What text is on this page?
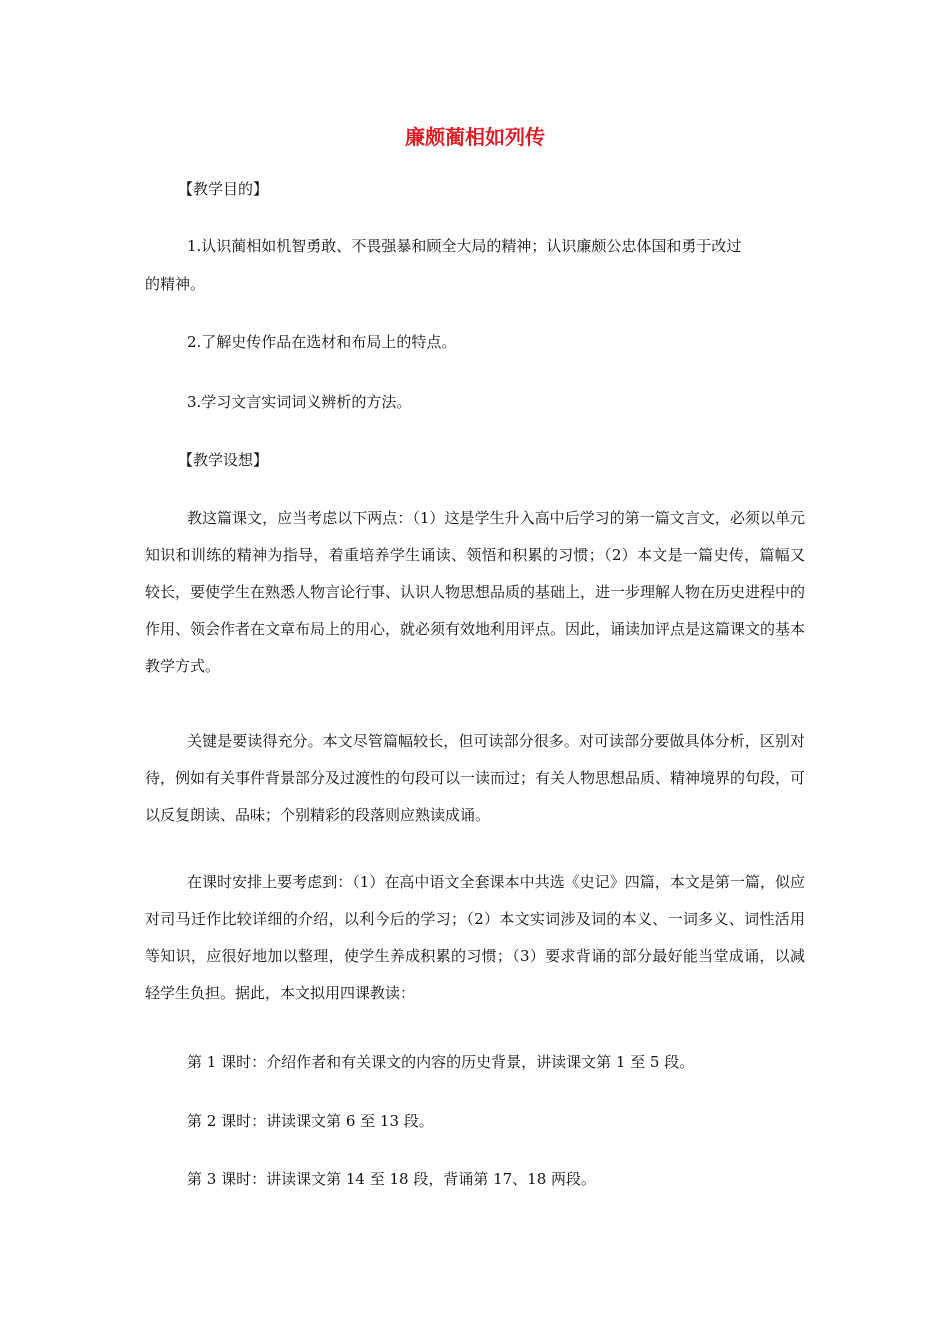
廉颇蔺相如列传
【教学目的】
1.认识蔺相如机智勇敢、不畏强暴和顾全大局的精神；认识廉颇公忠体国和勇于改过
的精神。
2.了解史传作品在选材和布局上的特点。
3.学习文言实词词义辨析的方法。
【教学设想】
教这篇课文，应当考虑以下两点：（1）这是学生升入高中后学习的第一篇文言文，必须以单元知识和训练的精神为指导，着重培养学生诵读、领悟和积累的习惯；（2）本文是一篇史传，篇幅又较长，要使学生在熟悉人物言论行事、认识人物思想品质的基础上，进一步理解人物在历史进程中的作用、领会作者在文章布局上的用心，就必须有效地利用评点。因此，诵读加评点是这篇课文的基本教学方式。
关键是要读得充分。本文尽管篇幅较长，但可读部分很多。对可读部分要做具体分析，区别对待，例如有关事件背景部分及过渡性的句段可以一读而过；有关人物思想品质、精神境界的句段，可以反复朗读、品味；个别精彩的段落则应熟读成诵。
在课时安排上要考虑到：（1）在高中语文全套课本中共选《史记》四篇，本文是第一篇，似应对司马迁作比较详细的介绍，以利今后的学习；（2）本文实词涉及词的本义、一词多义、词性活用等知识，应很好地加以整理，使学生养成积累的习惯；（3）要求背诵的部分最好能当堂成诵，以减轻学生负担。据此，本文拟用四课教读：
第 1 课时：介绍作者和有关课文的内容的历史背景，讲读课文第 1 至 5 段。
第 2 课时：讲读课文第 6 至 13 段。
第 3 课时：讲读课文第 14 至 18 段，背诵第 17、18 两段。
